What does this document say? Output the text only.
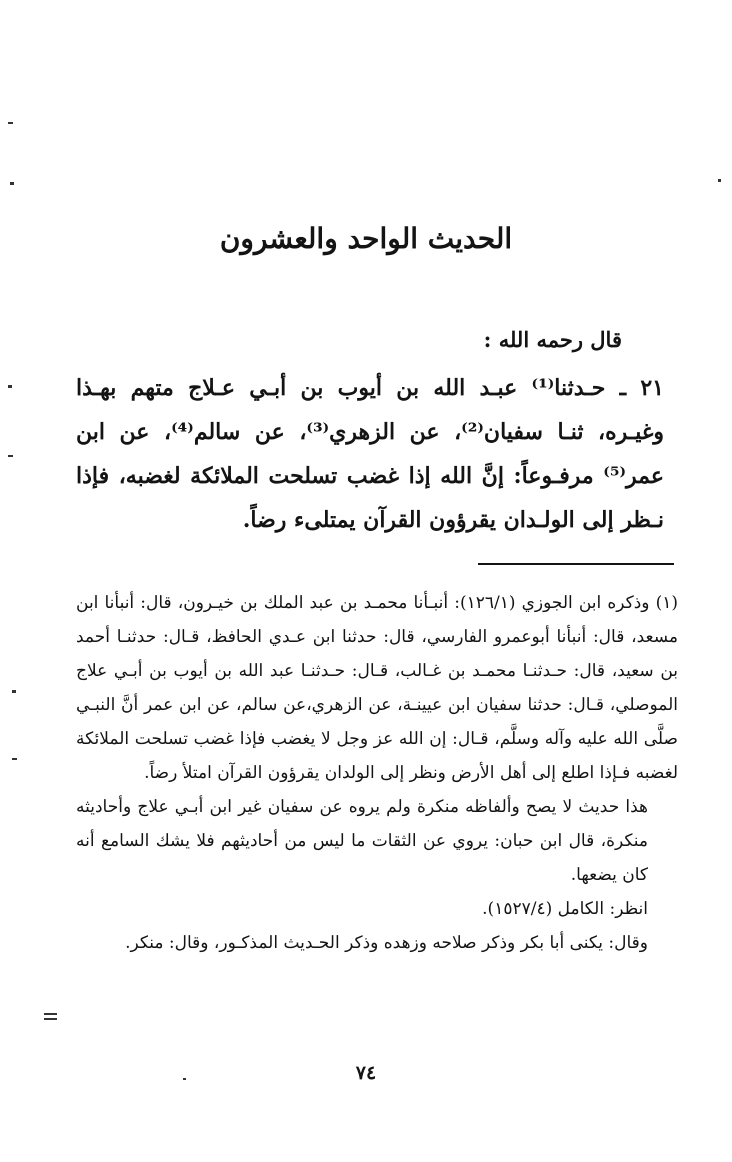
الحديث الواحد والعشرون
قال رحمه الله :
٢١ ـ حـدثنا⁽¹⁾ عبـد الله بن أيوب بن أبـي عـلاج متهم بهـذا وغيـره، ثنـا سفيان⁽²⁾، عن الزهري⁽³⁾، عن سالم⁽⁴⁾، عن ابن عمر⁽⁵⁾ مرفـوعاً: إنَّ الله إذا غضب تسلحت الملائكة لغضبه، فإذا نـظر إلى الولـدان يقرؤون القرآن يمتلىء رضاً.

(١) وذكره ابن الجوزي (١٢٦/١): أنبـأنا محمـد بن عبد الملك بن خيـرون، قال: أنبأنا ابن مسعد، قال: أنبأنا أبوعمرو الفارسي، قال: حدثنا ابن عـدي الحافظ، قـال: حدثنـا أحمد بن سعيد، قال: حـدثنـا محمـد بن غـالب، قـال: حـدثنـا عبد الله بن أيوب بن أبـي علاج الموصلي، قـال: حدثنا سفيان ابن عيينـة، عن الزهري،عن سالم، عن ابن عمر أنَّ النبـي صلَّى الله عليه وآله وسلَّم، قـال: إن الله عز وجل لا يغضب فإذا غضب تسلحت الملائكة لغضبه فـإذا اطلع إلى أهل الأرض ونظر إلى الولدان يقرؤون القرآن امتلأ رضاً.

هذا حديث لا يصح وألفاظه منكرة ولم يروه عن سفيان غير ابن أبـي علاج وأحاديثه منكرة، قال ابن حبان: يروي عن الثقات ما ليس من أحاديثهم فلا يشك السامع أنه كان يضعها.

انظر: الكامل (١٥٢٧/٤).

وقال: يكنى أبا بكر وذكر صلاحه وزهده وذكر الحـديث المذكـور، وقال: منكر.

٧٤
